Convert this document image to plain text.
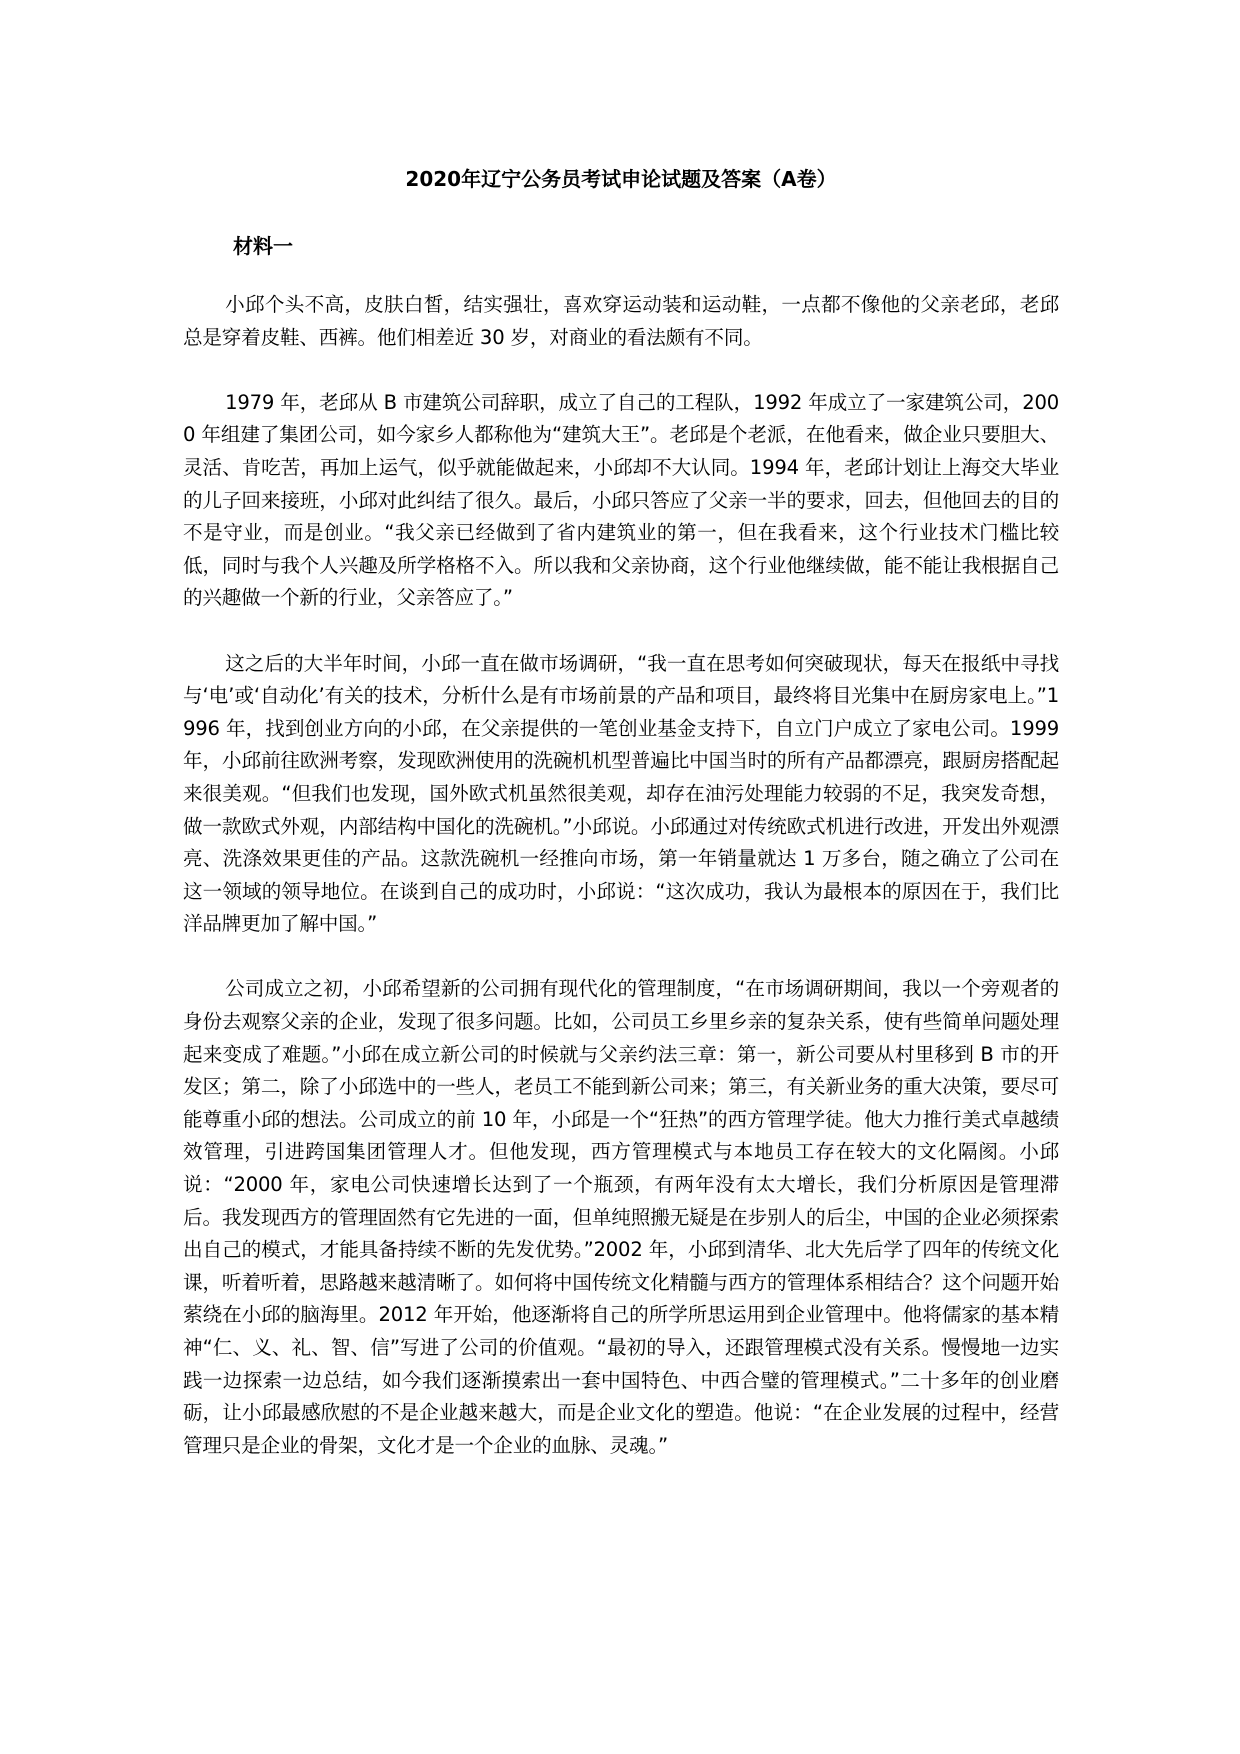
2020年辽宁公务员考试申论试题及答案（A卷）
材料一

小邱个头不高，皮肤白皙，结实强壮，喜欢穿运动装和运动鞋，一点都不像他的父亲老邱，老邱总是穿着皮鞋、西裤。他们相差近 30 岁，对商业的看法颇有不同。

1979 年，老邱从 B 市建筑公司辞职，成立了自己的工程队，1992 年成立了一家建筑公司，2000 年组建了集团公司，如今家乡人都称他为“建筑大王”。老邱是个老派，在他看来，做企业只要胆大、灵活、肯吃苦，再加上运气，似乎就能做起来，小邱却不大认同。1994 年，老邱计划让上海交大毕业的儿子回来接班，小邱对此纠结了很久。最后，小邱只答应了父亲一半的要求，回去，但他回去的目的不是守业，而是创业。“我父亲已经做到了省内建筑业的第一，但在我看来，这个行业技术门槛比较低，同时与我个人兴趣及所学格格不入。所以我和父亲协商，这个行业他继续做，能不能让我根据自己的兴趣做一个新的行业，父亲答应了。”

这之后的大半年时间，小邱一直在做市场调研，“我一直在思考如何突破现状，每天在报纸中寻找与‘电’或‘自动化’有关的技术，分析什么是有市场前景的产品和项目，最终将目光集中在厨房家电上。”1996 年，找到创业方向的小邱，在父亲提供的一笔创业基金支持下，自立门户成立了家电公司。1999 年，小邱前往欧洲考察，发现欧洲使用的洗碗机机型普遍比中国当时的所有产品都漂亮，跟厨房搭配起来很美观。“但我们也发现，国外欧式机虽然很美观，却存在油污处理能力较弱的不足，我突发奇想，做一款欧式外观，内部结构中国化的洗碗机。”小邱说。小邱通过对传统欧式机进行改进，开发出外观漂亮、洗涤效果更佳的产品。这款洗碗机一经推向市场，第一年销量就达 1 万多台，随之确立了公司在这一领域的领导地位。在谈到自己的成功时，小邱说：“这次成功，我认为最根本的原因在于，我们比洋品牌更加了解中国。”

公司成立之初，小邱希望新的公司拥有现代化的管理制度，“在市场调研期间，我以一个旁观者的身份去观察父亲的企业，发现了很多问题。比如，公司员工乡里乡亲的复杂关系，使有些简单问题处理起来变成了难题。”小邱在成立新公司的时候就与父亲约法三章：第一，新公司要从村里移到 B 市的开发区；第二，除了小邱选中的一些人，老员工不能到新公司来；第三，有关新业务的重大决策，要尽可能尊重小邱的想法。公司成立的前 10 年，小邱是一个“狂热”的西方管理学徒。他大力推行美式卓越绩效管理，引进跨国集团管理人才。但他发现，西方管理模式与本地员工存在较大的文化隔阂。小邱说：“2000 年，家电公司快速增长达到了一个瓶颈，有两年没有太大增长，我们分析原因是管理滞后。我发现西方的管理固然有它先进的一面，但单纯照搬无疑是在步别人的后尘，中国的企业必须探索出自己的模式，才能具备持续不断的先发优势。”2002 年，小邱到清华、北大先后学了四年的传统文化课，听着听着，思路越来越清晰了。如何将中国传统文化精髓与西方的管理体系相结合？这个问题开始萦绕在小邱的脑海里。2012 年开始，他逐渐将自己的所学所思运用到企业管理中。他将儒家的基本精神“仁、义、礼、智、信”写进了公司的价值观。“最初的导入，还跟管理模式没有关系。慢慢地一边实践一边探索一边总结，如今我们逐渐摸索出一套中国特色、中西合璧的管理模式。”二十多年的创业磨砺，让小邱最感欣慰的不是企业越来越大，而是企业文化的塑造。他说：“在企业发展的过程中，经营管理只是企业的骨架，文化才是一个企业的血脉、灵魂。”
